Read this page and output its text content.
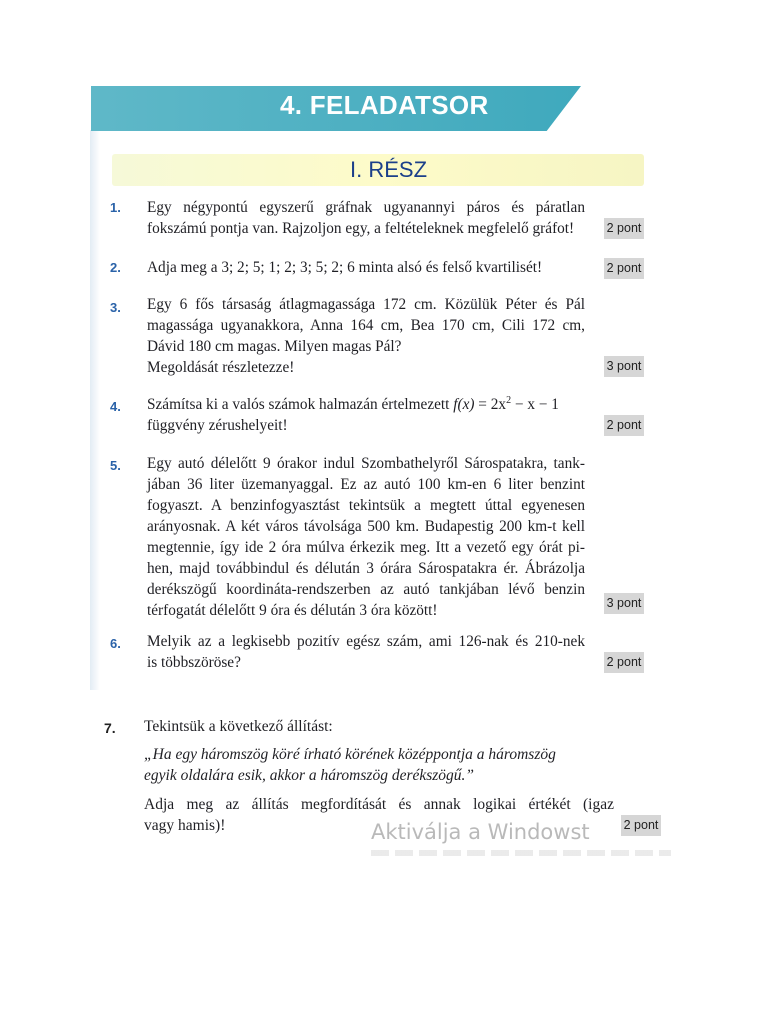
4. FELADATSOR
I. RÉSZ
1. Egy négypontú egyszerű gráfnak ugyanannyi páros és páratlan
fokszámú pontja van. Rajzoljon egy, a feltételeknek megfelelő gráfot!	2 pont
2. Adja meg a 3; 2; 5; 1; 2; 3; 5; 2; 6 minta alsó és felső kvartilisét!	2 pont
3. Egy 6 fős társaság átlagmagassága 172 cm. Közülük Péter és Pál
magassága ugyanakkora, Anna 164 cm, Bea 170 cm, Cili 172 cm,
Dávid 180 cm magas. Milyen magas Pál?
Megoldását részletezze!	3 pont
4. Számítsa ki a valós számok halmazán értelmezett $f(x) = 2x^2 - x - 1$
függvény zérushelyeit!	2 pont
5. Egy autó délelőtt 9 órakor indul Szombathelyről Sárospatakra, tank-
jában 36 liter üzemanyaggal. Ez az autó 100 km-en 6 liter benzint
fogyaszt. A benzinfogyasztást tekintsük a megtett úttal egyenesen
arányosnak. A két város távolsága 500 km. Budapestig 200 km-t kell
megtennie, így ide 2 óra múlva érkezik meg. Itt a vezető egy órát pi-
hen, majd továbbindul és délután 3 órára Sárospatakra ér. Ábrázolja
derékszögű koordináta-rendszerben az autó tankjában lévő benzin
térfogatát délelőtt 9 óra és délután 3 óra között!	3 pont
6. Melyik az a legkisebb pozitív egész szám, ami 126-nak és 210-nek
is többszöröse?	2 pont
7. Tekintsük a következő állítást:
„Ha egy háromszög köré írható körének középpontja a háromszög
egyik oldalára esik, akkor a háromszög derékszögű.”
Adja meg az állítás megfordítását és annak logikai értékét (igaz
vagy hamis)!	2 pont
Aktiválja a Windowst
